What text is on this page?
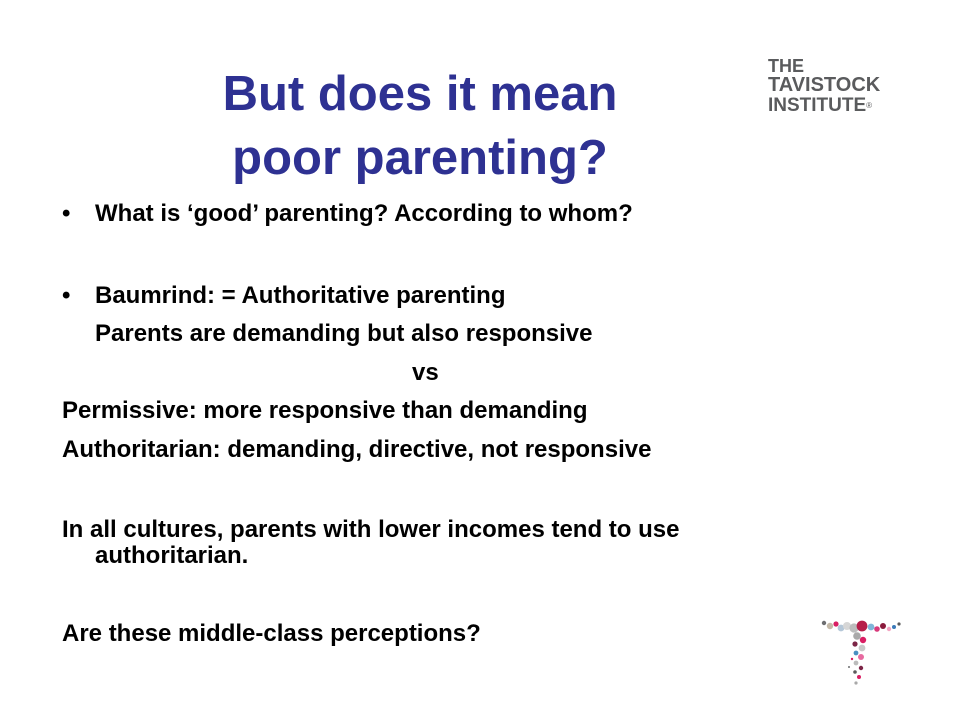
But does it mean
poor parenting?
THE
TAVISTOCK
INSTITUTE®
• What is ‘good’ parenting? According to whom?
• Baumrind: = Authoritative parenting
Parents are demanding but also responsive
vs
Permissive: more responsive than demanding
Authoritarian: demanding, directive, not responsive
In all cultures, parents with lower incomes tend to use
authoritarian.
Are these middle-class perceptions?
